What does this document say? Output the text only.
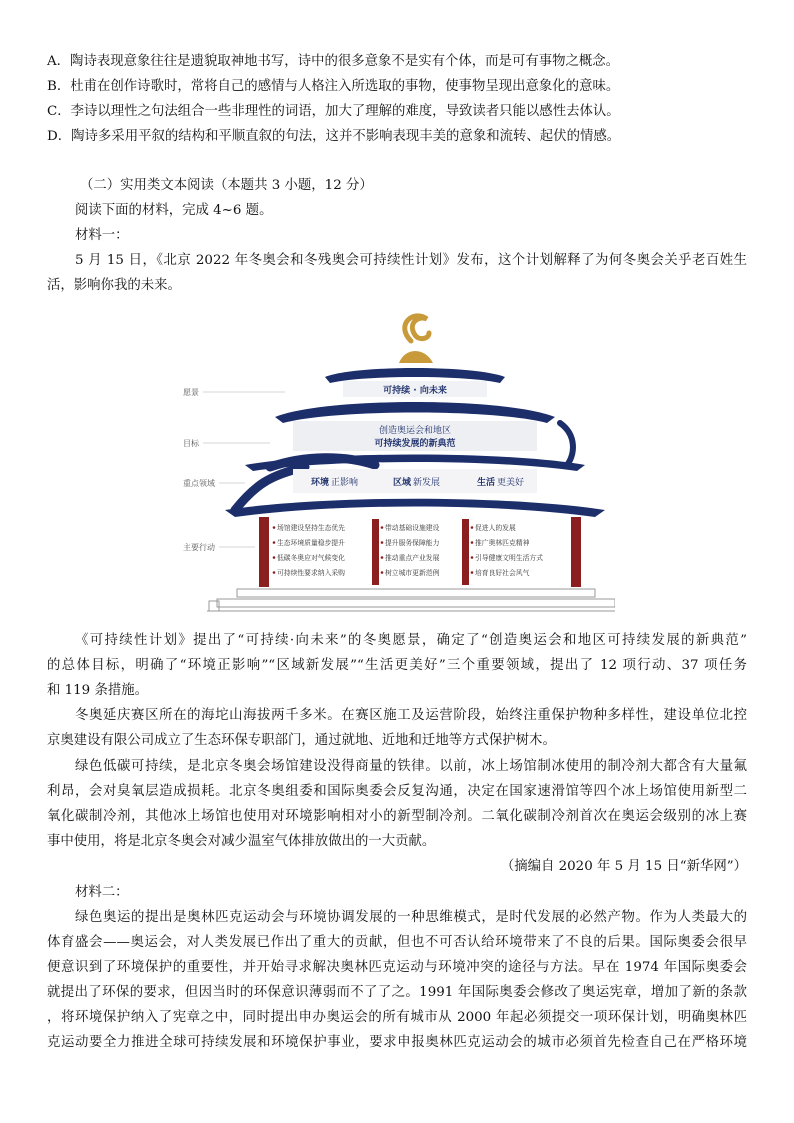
A．陶诗表现意象往往是遗貌取神地书写，诗中的很多意象不是实有个体，而是可有事物之概念。
B．杜甫在创作诗歌时，常将自己的感情与人格注入所选取的事物，使事物呈现出意象化的意味。
C．李诗以理性之句法组合一些非理性的词语，加大了理解的难度，导致读者只能以感性去体认。
D．陶诗多采用平叙的结构和平顺直叙的句法，这并不影响表现丰美的意象和流转、起伏的情感。
（二）实用类文本阅读（本题共 3 小题，12 分）
阅读下面的材料，完成 4~6 题。
材料一：
5 月 15 日，《北京 2022 年冬奥会和冬残奥会可持续性计划》发布，这个计划解释了为何冬奥会关乎老百姓生
活，影响你我的未来。
愿景
目标
重点领域
主要行动
可持续 · 向未来
创造奥运会和地区
可持续发展的新典范
环境 正影响	区域 新发展	生活 更美好
场馆建设坚持生态优先
生态环境质量稳步提升
低碳冬奥应对气候变化
可持续性要求纳入采购
带动基础设施建设
提升服务保障能力
推动重点产业发展
树立城市更新范例
促进人的发展
推广奥林匹克精神
引导健康文明生活方式
培育良好社会风气
《可持续性计划》提出了“可持续·向未来”的冬奥愿景，确定了“创造奥运会和地区可持续发展的新典范”
的总体目标，明确了“环境正影响”“区域新发展”“生活更美好”三个重要领域，提出了 12 项行动、37 项任务
和 119 条措施。
冬奥延庆赛区所在的海坨山海拔两千多米。在赛区施工及运营阶段，始终注重保护物种多样性，建设单位北控
京奥建设有限公司成立了生态环保专职部门，通过就地、近地和迁地等方式保护树木。
绿色低碳可持续，是北京冬奥会场馆建设没得商量的铁律。以前，冰上场馆制冰使用的制冷剂大都含有大量氟
利昂，会对臭氧层造成损耗。北京冬奥组委和国际奥委会反复沟通，决定在国家速滑馆等四个冰上场馆使用新型二
氧化碳制冷剂，其他冰上场馆也使用对环境影响相对小的新型制冷剂。二氧化碳制冷剂首次在奥运会级别的冰上赛
事中使用，将是北京冬奥会对减少温室气体排放做出的一大贡献。
（摘编自 2020 年 5 月 15 日“新华网”）
材料二：
绿色奥运的提出是奥林匹克运动会与环境协调发展的一种思维模式，是时代发展的必然产物。作为人类最大的
体育盛会——奥运会，对人类发展已作出了重大的贡献，但也不可否认给环境带来了不良的后果。国际奥委会很早
便意识到了环境保护的重要性，并开始寻求解决奥林匹克运动与环境冲突的途径与方法。早在 1974 年国际奥委会
就提出了环保的要求，但因当时的环保意识薄弱而不了了之。1991 年国际奥委会修改了奥运宪章，增加了新的条款
，将环境保护纳入了宪章之中，同时提出申办奥运会的所有城市从 2000 年起必须提交一项环保计划，明确奥林匹
克运动要全力推进全球可持续发展和环境保护事业，要求申报奥林匹克运动会的城市必须首先检查自己在严格环境
